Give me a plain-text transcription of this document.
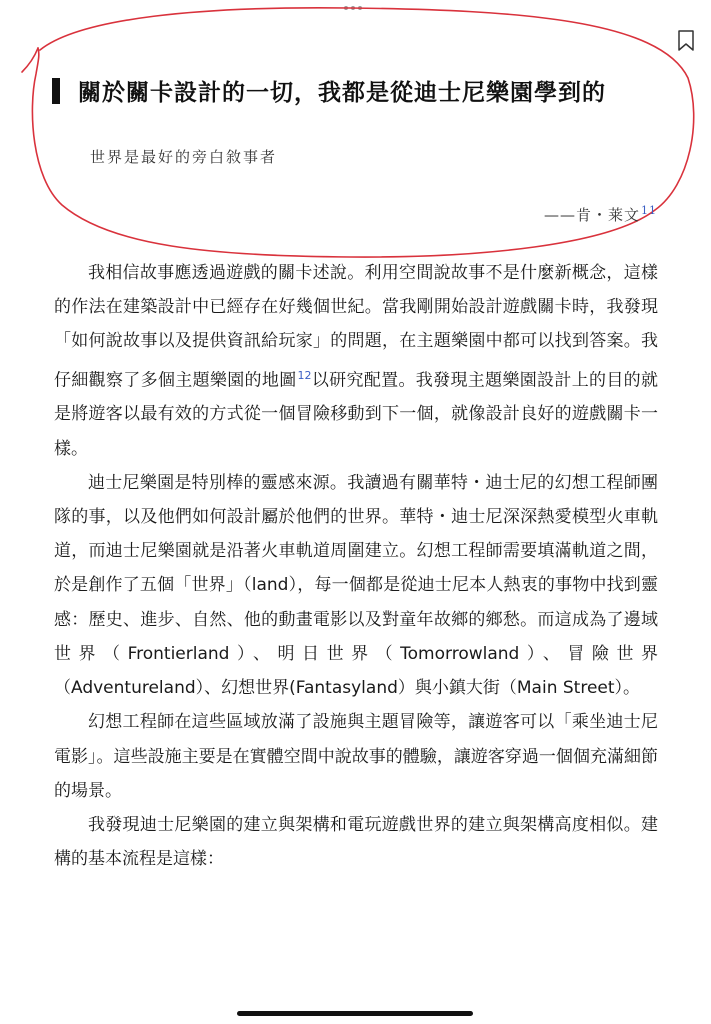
關於關卡設計的一切，我都是從迪士尼樂園學到的
世界是最好的旁白敘事者
——肯・莱文$^{11}$

我相信故事應透過遊戲的關卡述說。利用空間說故事不是什麼新概念，這樣的作法在建築設計中已經存在好幾個世紀。當我剛開始設計遊戲關卡時，我發現「如何說故事以及提供資訊給玩家」的問題，在主題樂園中都可以找到答案。我仔細觀察了多個主題樂園的地圖$^{12}$以研究配置。我發現主題樂園設計上的目的就是將遊客以最有效的方式從一個冒險移動到下一個，就像設計良好的遊戲關卡一樣。

迪士尼樂園是特別棒的靈感來源。我讀過有關華特・迪士尼的幻想工程師團隊的事，以及他們如何設計屬於他們的世界。華特・迪士尼深深熱愛模型火車軌道，而迪士尼樂園就是沿著火車軌道周圍建立。幻想工程師需要填滿軌道之間，於是創作了五個「世界」（land），每一個都是從迪士尼本人熱衷的事物中找到靈感：歷史、進步、自然、他的動畫電影以及對童年故鄉的鄉愁。而這成為了邊域世界（Frontierland）、明日世界（Tomorrowland）、冒險世界（Adventureland）、幻想世界(Fantasyland）與小鎮大街（Main Street）。

幻想工程師在這些區域放滿了設施與主題冒險等，讓遊客可以「乘坐迪士尼電影」。這些設施主要是在實體空間中說故事的體驗，讓遊客穿過一個個充滿細節的場景。

我發現迪士尼樂園的建立與架構和電玩遊戲世界的建立與架構高度相似。建構的基本流程是這樣：
